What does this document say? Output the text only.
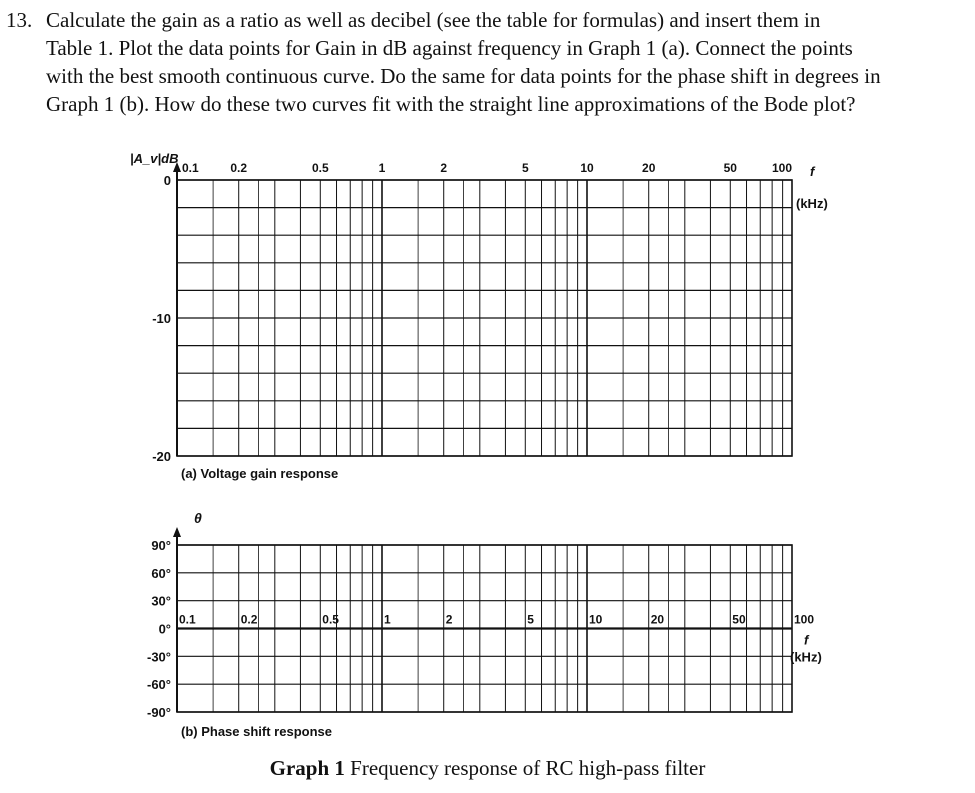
13. Calculate the gain as a ratio as well as decibel (see the table for formulas) and insert them in
Table 1. Plot the data points for Gain in dB against frequency in Graph 1 (a). Connect the points
with the best smooth continuous curve. Do the same for data points for the phase shift in degrees in
Graph 1 (b). How do these two curves fit with the straight line approximations of the Bode plot?
0
-10
-20
0.1	0.2	0.5	1	2	5	10	20	50	100
|A_v|dB
f
(kHz)
(a) Voltage gain response
90°
60°
30°
0°
-30°
-60°
-90°
0.1	0.2	0.5	1	2	5	10	20	50	100
θ
f
(kHz)
(b) Phase shift response
Graph 1 Frequency response of RC high-pass filter
